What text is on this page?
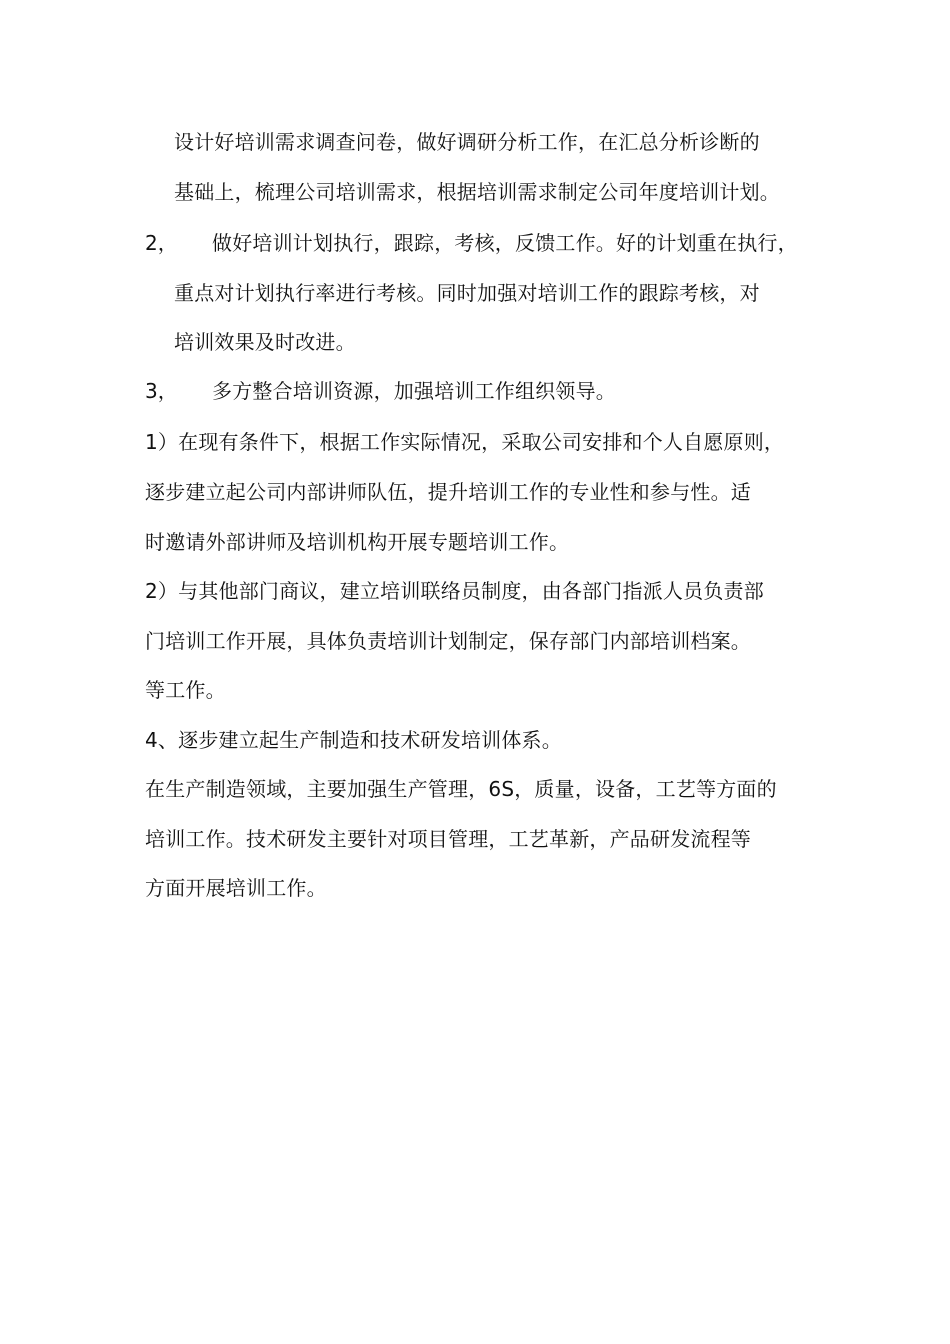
设计好培训需求调查问卷，做好调研分析工作，在汇总分析诊断的
基础上，梳理公司培训需求，根据培训需求制定公司年度培训计划。
2， 做好培训计划执行，跟踪，考核，反馈工作。好的计划重在执行，
重点对计划执行率进行考核。同时加强对培训工作的跟踪考核，对
培训效果及时改进。
3， 多方整合培训资源，加强培训工作组织领导。
1）在现有条件下，根据工作实际情况，采取公司安排和个人自愿原则，
逐步建立起公司内部讲师队伍，提升培训工作的专业性和参与性。适
时邀请外部讲师及培训机构开展专题培训工作。
2）与其他部门商议，建立培训联络员制度，由各部门指派人员负责部
门培训工作开展，具体负责培训计划制定，保存部门内部培训档案。
等工作。
4、逐步建立起生产制造和技术研发培训体系。
在生产制造领域，主要加强生产管理，6S，质量，设备，工艺等方面的
培训工作。技术研发主要针对项目管理，工艺革新，产品研发流程等
方面开展培训工作。
